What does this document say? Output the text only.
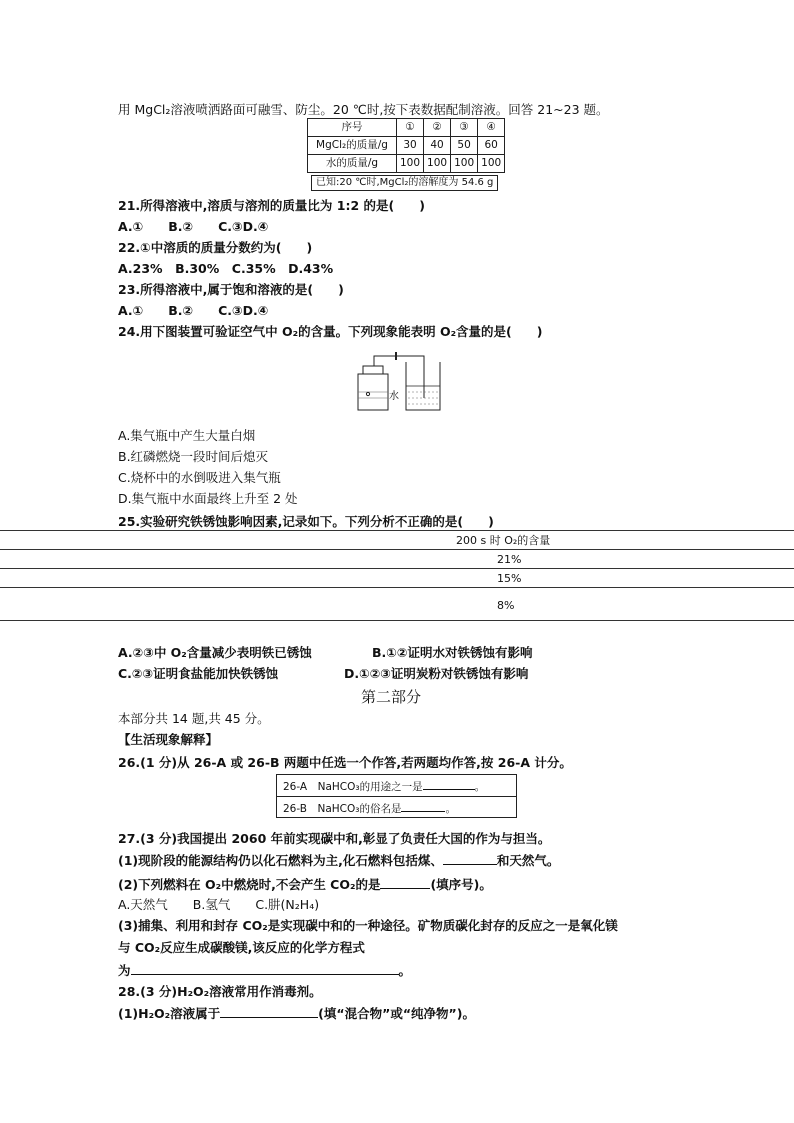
用 MgCl₂溶液喷洒路面可融雪、防尘。20 ℃时,按下表数据配制溶液。回答 21~23 题。
序号	①	②	③	④
MgCl₂的质量/g	30	40	50	60
水的质量/g	100	100	100	100
已知:20 ℃时,MgCl₂的溶解度为 54.6 g
21.所得溶液中,溶质与溶剂的质量比为 1:2 的是(　　)
A.①　　B.②　　C.③D.④
22.①中溶质的质量分数约为(　　)
A.23%　B.30%　C.35%　D.43%
23.所得溶液中,属于饱和溶液的是(　　)
A.①　　B.②　　C.③D.④
24.用下图装置可验证空气中 O₂的含量。下列现象能表明 O₂含量的是(　　)
水
A.集气瓶中产生大量白烟
B.红磷燃烧一段时间后熄灭
C.烧杯中的水倒吸进入集气瓶
D.集气瓶中水面最终上升至 2 处
25.实验研究铁锈蚀影响因素,记录如下。下列分析不正确的是(　　)
200 s 时 O₂的含量
21%
15%
8%
A.②③中 O₂含量减少表明铁已锈蚀	B.①②证明水对铁锈蚀有影响
C.②③证明食盐能加快铁锈蚀	D.①②③证明炭粉对铁锈蚀有影响
第二部分
本部分共 14 题,共 45 分。
【生活现象解释】
26.(1 分)从 26-A 或 26-B 两题中任选一个作答,若两题均作答,按 26-A 计分。
26-A　NaHCO₃的用途之一是	。
26-B　NaHCO₃的俗名是	。
27.(3 分)我国提出 2060 年前实现碳中和,彰显了负责任大国的作为与担当。
(1)现阶段的能源结构仍以化石燃料为主,化石燃料包括煤、	和天然气。
(2)下列燃料在 O₂中燃烧时,不会产生 CO₂的是	(填序号)。
A.天然气　　B.氢气　　C.肼(N₂H₄)
(3)捕集、利用和封存 CO₂是实现碳中和的一种途径。矿物质碳化封存的反应之一是氧化镁
与 CO₂反应生成碳酸镁,该反应的化学方程式
为	。
28.(3 分)H₂O₂溶液常用作消毒剂。
(1)H₂O₂溶液属于	(填“混合物”或“纯净物”)。
